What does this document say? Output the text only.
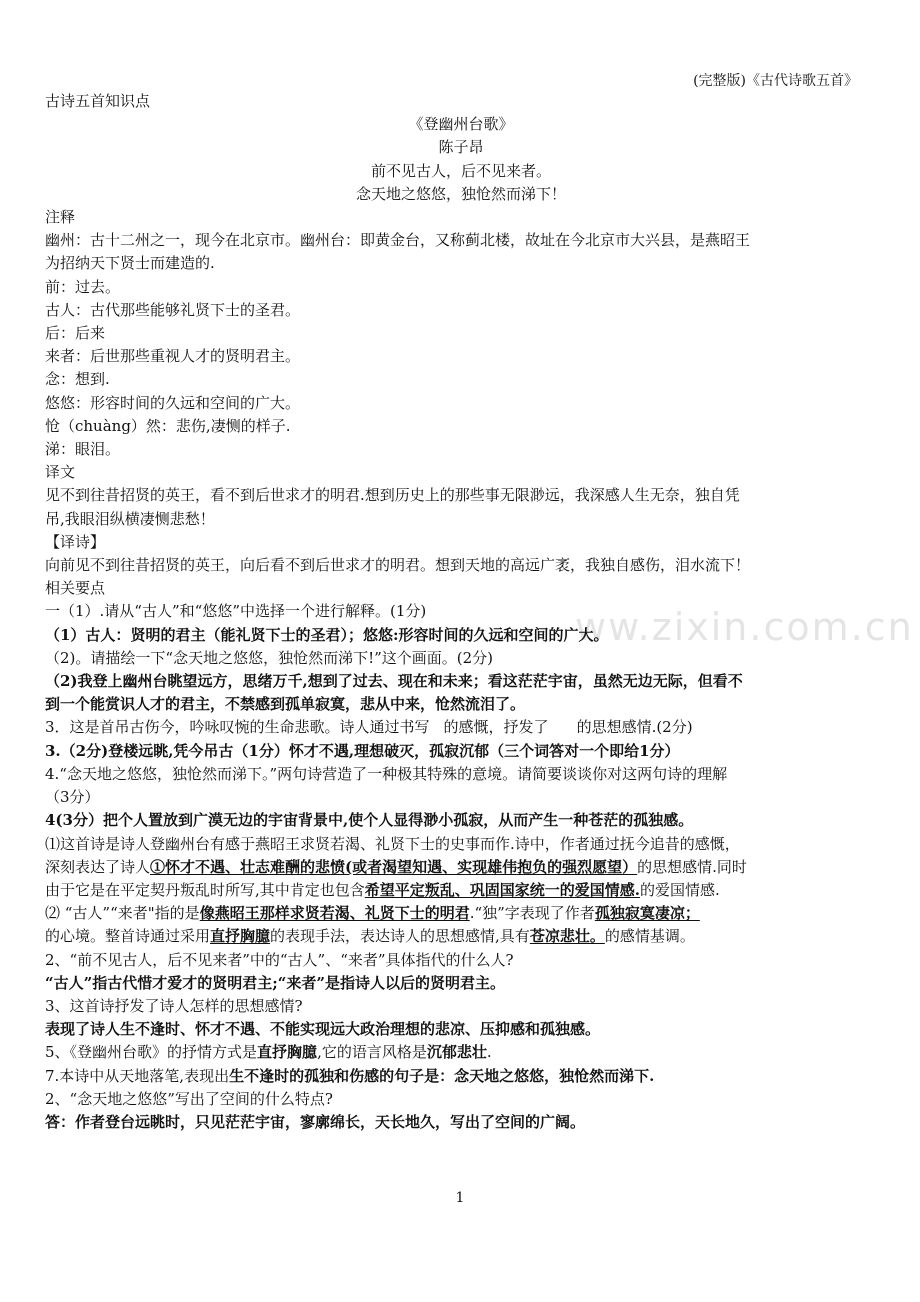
(完整版)《古代诗歌五首》
ww.zixin.com.cn
古诗五首知识点
《登幽州台歌》
陈子昂
前不见古人，后不见来者。
念天地之悠悠，独怆然而涕下！
注释
幽州：古十二州之一，现今在北京市。幽州台：即黄金台，又称蓟北楼，故址在今北京市大兴县，是燕昭王
为招纳天下贤士而建造的.
前：过去。
古人：古代那些能够礼贤下士的圣君。
后：后来
来者：后世那些重视人才的贤明君主。
念：想到.
悠悠：形容时间的久远和空间的广大。
怆（chuàng）然：悲伤,凄恻的样子.
涕：眼泪。
译文
见不到往昔招贤的英王，看不到后世求才的明君.想到历史上的那些事无限渺远，我深感人生无奈，独自凭
吊,我眼泪纵横凄恻悲愁！
【译诗】
向前见不到往昔招贤的英王，向后看不到后世求才的明君。想到天地的高远广袤，我独自感伤，泪水流下！
相关要点
一（1）.请从“古人”和“悠悠”中选择一个进行解释。(1分)
（1）古人：贤明的君主（能礼贤下士的圣君）；悠悠:形容时间的久远和空间的广大。
（2)。请描绘一下“念天地之悠悠，独怆然而涕下!”这个画面。(2分)
（2)我登上幽州台眺望远方，思绪万千,想到了过去、现在和未来；看这茫茫宇宙，虽然无边无际，但看不
到一个能赏识人才的君主，不禁感到孤单寂寞，悲从中来，怆然流泪了。
3．这是首吊古伤今，吟咏叹惋的生命悲歌。诗人通过书写 的感慨，抒发了 的思想感情.(2分)
3.（2分)登楼远眺,凭今吊古（1分）怀才不遇,理想破灭，孤寂沉郁（三个词答对一个即给1分）
4.“念天地之悠悠，独怆然而涕下。”两句诗营造了一种极其特殊的意境。请简要谈谈你对这两句诗的理解
（3分）
4(3分）把个人置放到广漠无边的宇宙背景中,使个人显得渺小孤寂，从而产生一种苍茫的孤独感。
⑴这首诗是诗人登幽州台有感于燕昭王求贤若渴、礼贤下士的史事而作.诗中，作者通过抚今追昔的感慨，
深刻表达了诗人①怀才不遇、壮志难酬的悲愤(或者渴望知遇、实现雄伟抱负的强烈愿望）的思想感情.同时
由于它是在平定契丹叛乱时所写,其中肯定也包含希望平定叛乱、巩固国家统一的爱国情感.的爱国情感.
⑵ “古人”“来者"指的是像燕昭王那样求贤若渴、礼贤下士的明君.“独”字表现了作者孤独寂寞凄凉；
的心境。整首诗通过采用直抒胸臆的表现手法，表达诗人的思想感情,具有苍凉悲壮。的感情基调。
2、“前不见古人，后不见来者”中的“古人”、“来者”具体指代的什么人?
“古人”指古代惜才爱才的贤明君主;“来者”是指诗人以后的贤明君主。
3、这首诗抒发了诗人怎样的思想感情?
表现了诗人生不逢时、怀才不遇、不能实现远大政治理想的悲凉、压抑感和孤独感。
5、《登幽州台歌》的抒情方式是直抒胸臆,它的语言风格是沉郁悲壮.
7.本诗中从天地落笔,表现出生不逢时的孤独和伤感的句子是：念天地之悠悠，独怆然而涕下.
2、“念天地之悠悠”写出了空间的什么特点?
答：作者登台远眺时，只见茫茫宇宙，寥廓绵长，天长地久，写出了空间的广阔。
1
